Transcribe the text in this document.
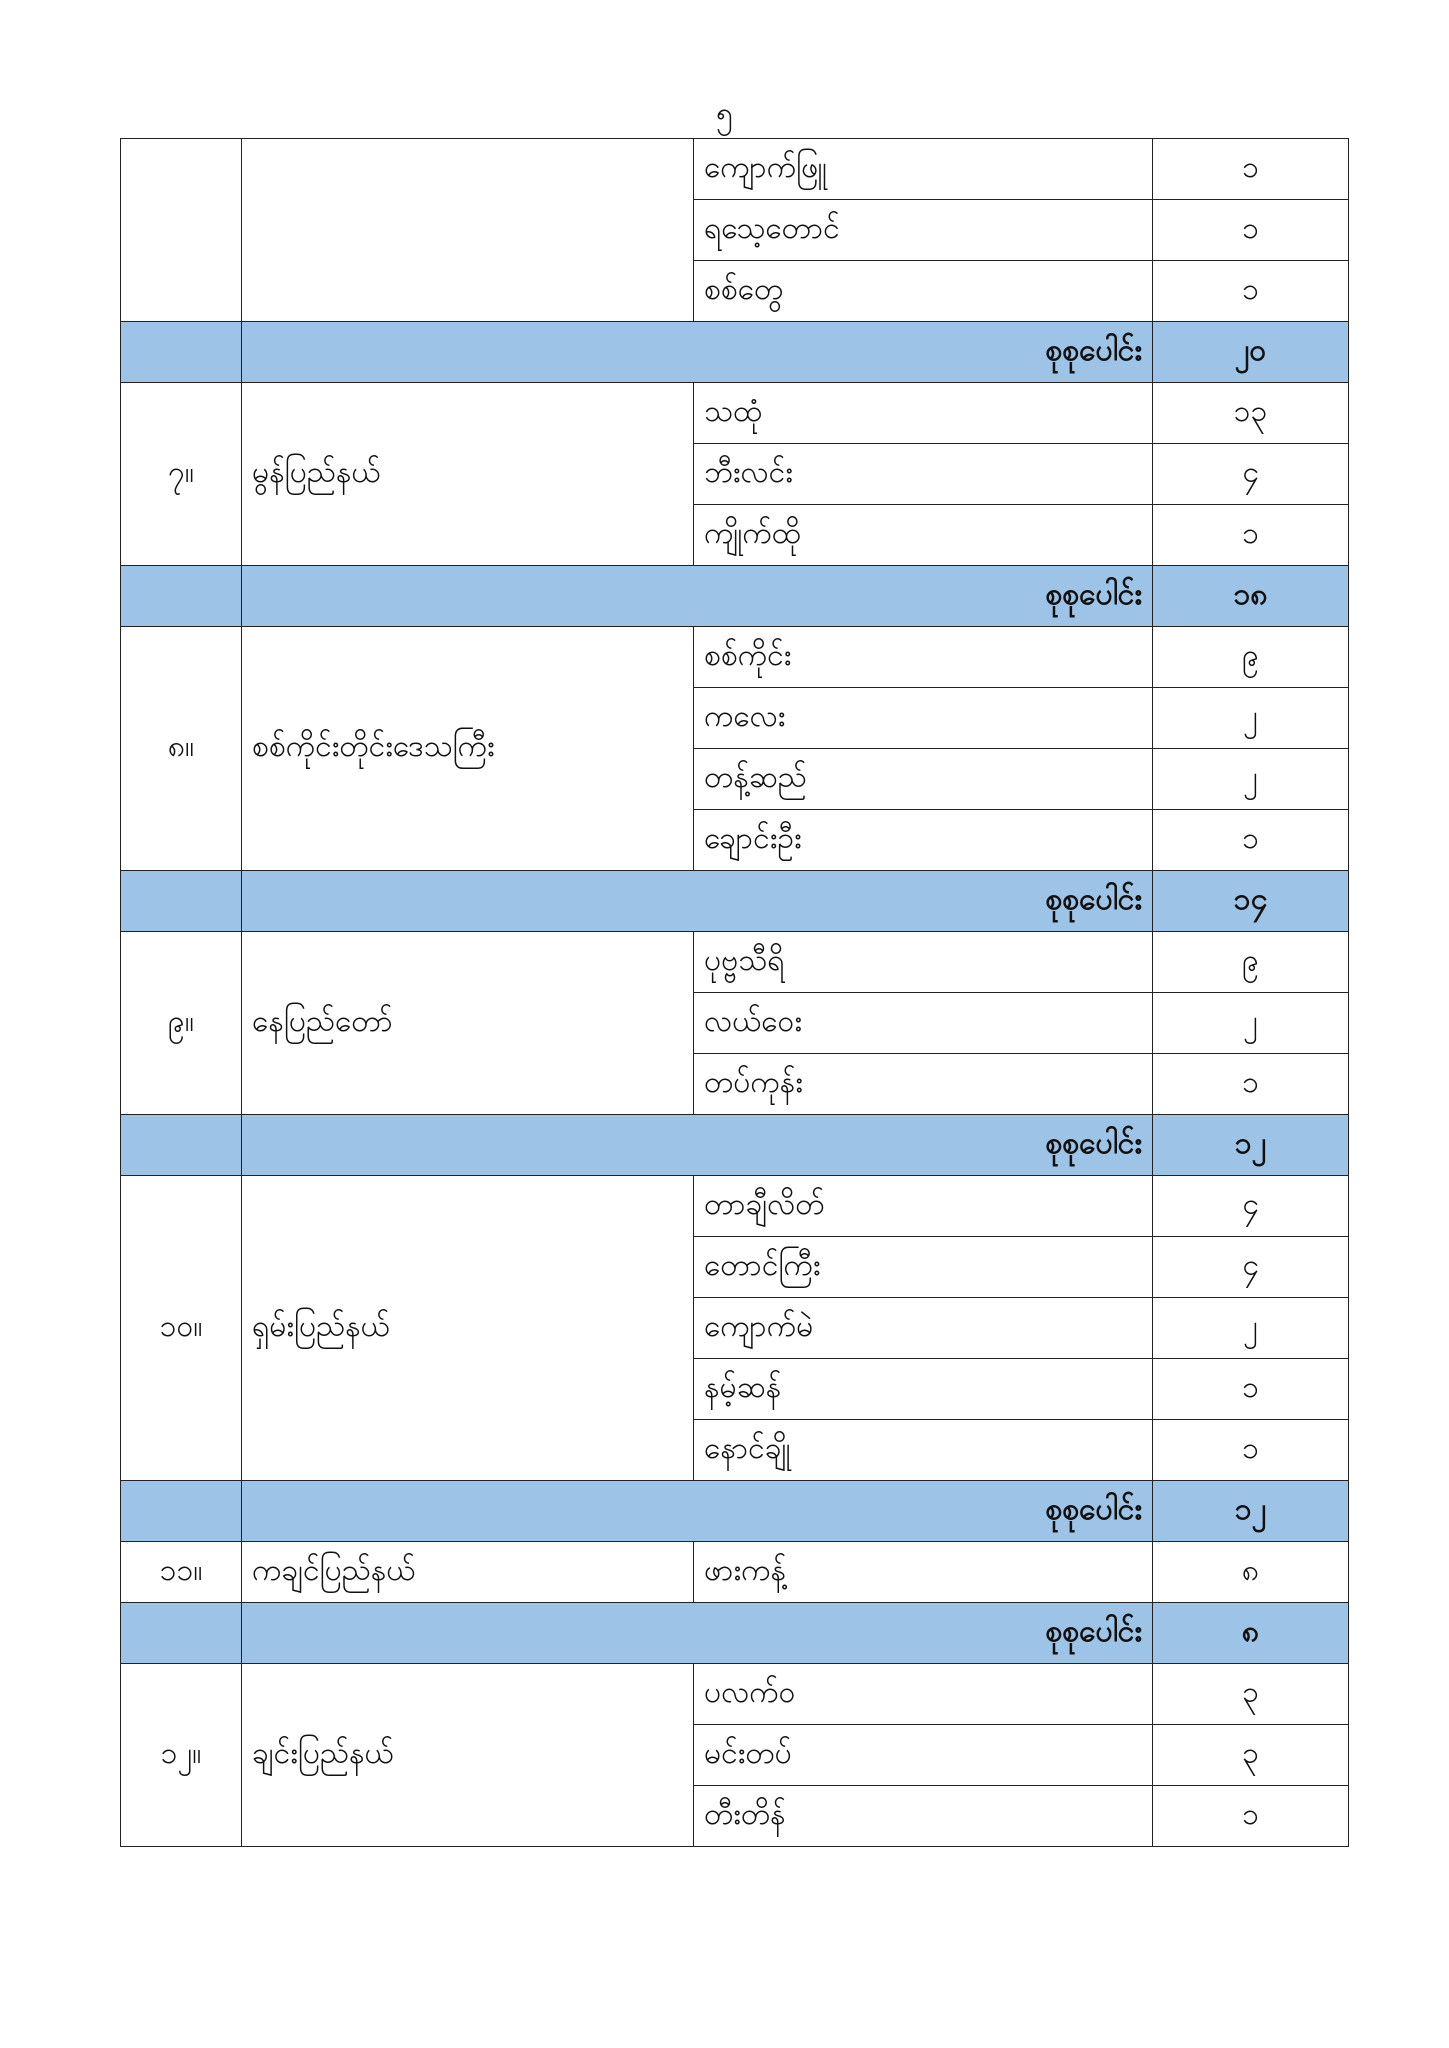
၅
		ကျောက်ဖြူ	၁
		ရသေ့တောင်	၁
		စစ်တွေ	၁
	စုစုပေါင်း		၂၀
၇။	မွန်ပြည်နယ်	သထုံ	၁၃
		ဘီးလင်း	၄
		ကျိုက်ထို	၁
	စုစုပေါင်း		၁၈
၈။	စစ်ကိုင်းတိုင်းဒေသကြီး	စစ်ကိုင်း	၉
		ကလေး	၂
		တန့်ဆည်	၂
		ချောင်းဦး	၁
	စုစုပေါင်း		၁၄
၉။	နေပြည်တော်	ပုဗ္ဗသီရိ	၉
		လယ်ဝေး	၂
		တပ်ကုန်း	၁
	စုစုပေါင်း		၁၂
၁၀။	ရှမ်းပြည်နယ်	တာချီလိတ်	၄
		တောင်ကြီး	၄
		ကျောက်မဲ	၂
		နမ့်ဆန်	၁
		နောင်ချို	၁
	စုစုပေါင်း		၁၂
၁၁။	ကချင်ပြည်နယ်	ဖားကန့်	၈
	စုစုပေါင်း		၈
၁၂။	ချင်းပြည်နယ်	ပလက်ဝ	၃
		မင်းတပ်	၃
		တီးတိန်	၁
